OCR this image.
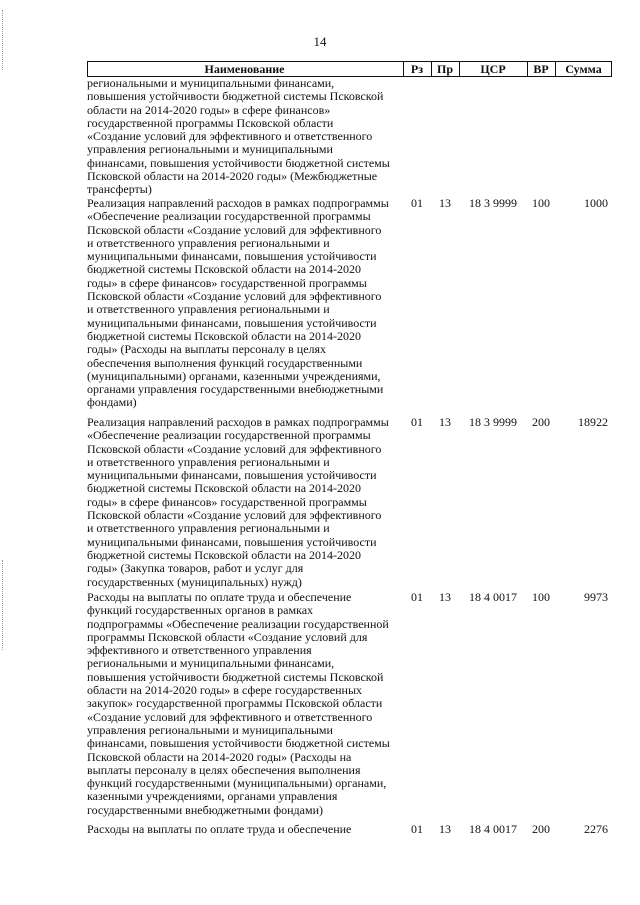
14
Наименование	Рз	Пр	ЦСР	ВР	Сумма
региональными и муниципальными финансами,
повышения устойчивости бюджетной системы Псковской
области на 2014-2020 годы» в сфере финансов»
государственной программы Псковской области
«Создание условий для эффективного и ответственного
управления региональными и муниципальными
финансами, повышения устойчивости бюджетной системы
Псковской области на 2014-2020 годы» (Межбюджетные
трансферты)
Реализация направлений расходов в рамках подпрограммы
«Обеспечение реализации государственной программы
Псковской области «Создание условий для эффективного
и ответственного управления региональными и
муниципальными финансами, повышения устойчивости
бюджетной системы Псковской области на 2014-2020
годы» в сфере финансов» государственной программы
Псковской области «Создание условий для эффективного
и ответственного управления региональными и
муниципальными финансами, повышения устойчивости
бюджетной системы Псковской области на 2014-2020
годы» (Расходы на выплаты персоналу в целях
обеспечения выполнения функций государственными
(муниципальными) органами, казенными учреждениями,
органами управления государственными внебюджетными
фондами)
01	13	18 3 9999	100	1000
Реализация направлений расходов в рамках подпрограммы
«Обеспечение реализации государственной программы
Псковской области «Создание условий для эффективного
и ответственного управления региональными и
муниципальными финансами, повышения устойчивости
бюджетной системы Псковской области на 2014-2020
годы» в сфере финансов» государственной программы
Псковской области «Создание условий для эффективного
и ответственного управления региональными и
муниципальными финансами, повышения устойчивости
бюджетной системы Псковской области на 2014-2020
годы» (Закупка товаров, работ и услуг для
государственных (муниципальных) нужд)
01	13	18 3 9999	200	18922
Расходы на выплаты по оплате труда и обеспечение
функций государственных органов в рамках
подпрограммы «Обеспечение реализации государственной
программы Псковской области «Создание условий для
эффективного и ответственного управления
региональными и муниципальными финансами,
повышения устойчивости бюджетной системы Псковской
области на 2014-2020 годы» в сфере государственных
закупок» государственной программы Псковской области
«Создание условий для эффективного и ответственного
управления региональными и муниципальными
финансами, повышения устойчивости бюджетной системы
Псковской области на 2014-2020 годы» (Расходы на
выплаты персоналу в целях обеспечения выполнения
функций государственными (муниципальными) органами,
казенными учреждениями, органами управления
государственными внебюджетными фондами)
01	13	18 4 0017	100	9973
Расходы на выплаты по оплате труда и обеспечение	01	13	18 4 0017	200	2276
